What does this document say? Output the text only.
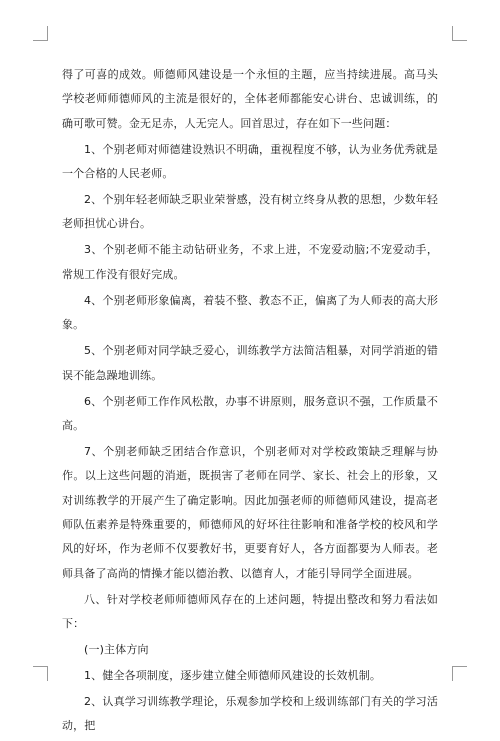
得了可喜的成效。师德师风建设是一个永恒的主题，应当持续进展。高马头学校老师师德师风的主流是很好的，全体老师都能安心讲台、忠诚训练，的确可歌可赞。金无足赤，人无完人。回首思过，存在如下一些问题：

1、个别老师对师德建设熟识不明确，重视程度不够，认为业务优秀就是一个合格的人民老师。

2、个别年轻老师缺乏职业荣誉感，没有树立终身从教的思想，少数年轻老师担忧心讲台。

3、个别老师不能主动钻研业务，不求上进，不宠爱动脑;不宠爱动手，常规工作没有很好完成。

4、个别老师形象偏离，着装不整、教态不正，偏离了为人师表的高大形象。

5、个别老师对同学缺乏爱心，训练教学方法简洁粗暴，对同学消逝的错误不能急躁地训练。

6、个别老师工作作风松散，办事不讲原则，服务意识不强，工作质量不高。

7、个别老师缺乏团结合作意识，个别老师对对学校政策缺乏理解与协作。以上这些问题的消逝，既损害了老师在同学、家长、社会上的形象，又对训练教学的开展产生了确定影响。因此加强老师的师德师风建设，提高老师队伍素养是特殊重要的，师德师风的好坏往往影响和准备学校的校风和学风的好坏，作为老师不仅要教好书，更要育好人，各方面都要为人师表。老师具备了高尚的情操才能以德治教、以德育人，才能引导同学全面进展。

八、针对学校老师师德师风存在的上述问题，特提出整改和努力看法如下：

(一)主体方向

1、健全各项制度，逐步建立健全师德师风建设的长效机制。

2、认真学习训练教学理论，乐观参加学校和上级训练部门有关的学习活动，把
